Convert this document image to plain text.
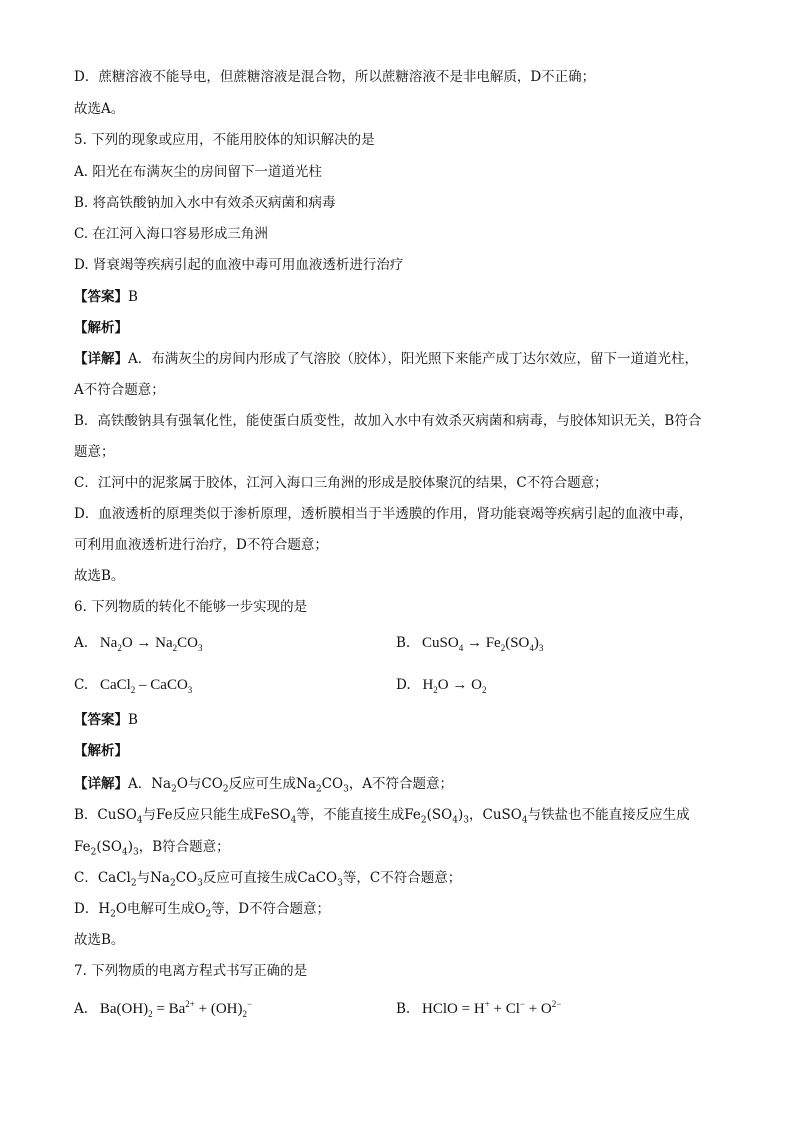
D．蔗糖溶液不能导电，但蔗糖溶液是混合物，所以蔗糖溶液不是非电解质，D不正确；
故选A。
5. 下列的现象或应用，不能用胶体的知识解决的是
A. 阳光在布满灰尘的房间留下一道道光柱
B. 将高铁酸钠加入水中有效杀灭病菌和病毒
C. 在江河入海口容易形成三角洲
D. 肾衰竭等疾病引起的血液中毒可用血液透析进行治疗
【答案】B
【解析】
【详解】A．布满灰尘的房间内形成了气溶胶（胶体），阳光照下来能产成丁达尔效应，留下一道道光柱，
A不符合题意；
B．高铁酸钠具有强氧化性，能使蛋白质变性，故加入水中有效杀灭病菌和病毒，与胶体知识无关，B符合
题意；
C．江河中的泥浆属于胶体，江河入海口三角洲的形成是胶体聚沉的结果，C不符合题意；
D．血液透析的原理类似于渗析原理，透析膜相当于半透膜的作用，肾功能衰竭等疾病引起的血液中毒，
可利用血液透析进行治疗，D不符合题意；
故选B。
6. 下列物质的转化不能够一步实现的是
A.   $Na_2O \to Na_2CO_3$	B.   CuSO$_4$ → $Fe_2(SO_4)_3$
C.   CaCl$_2$ – CaCO$_3$	D.   $H_2O \to O_2$
【答案】B
【解析】
【详解】A．$Na_2O$与$CO_2$反应可生成$Na_2CO_3$，A不符合题意；
B．CuSO$_4$与Fe反应只能生成FeSO$_4$等，不能直接生成$Fe_2(SO_4)_3$，CuSO$_4$与铁盐也不能直接反应生成
$Fe_2(SO_4)_3$，B符合题意；
C．CaCl$_2$与$Na_2CO_3$反应可直接生成CaCO$_3$等，C不符合题意；
D．$H_2O$电解可生成$O_2$等，D不符合题意；
故选B。
7. 下列物质的电离方程式书写正确的是
A.   $Ba(OH)_2 = Ba^{2+} + (OH)_2^-$	B.   HClO = $H^+ + Cl^- + O^{2-}$
